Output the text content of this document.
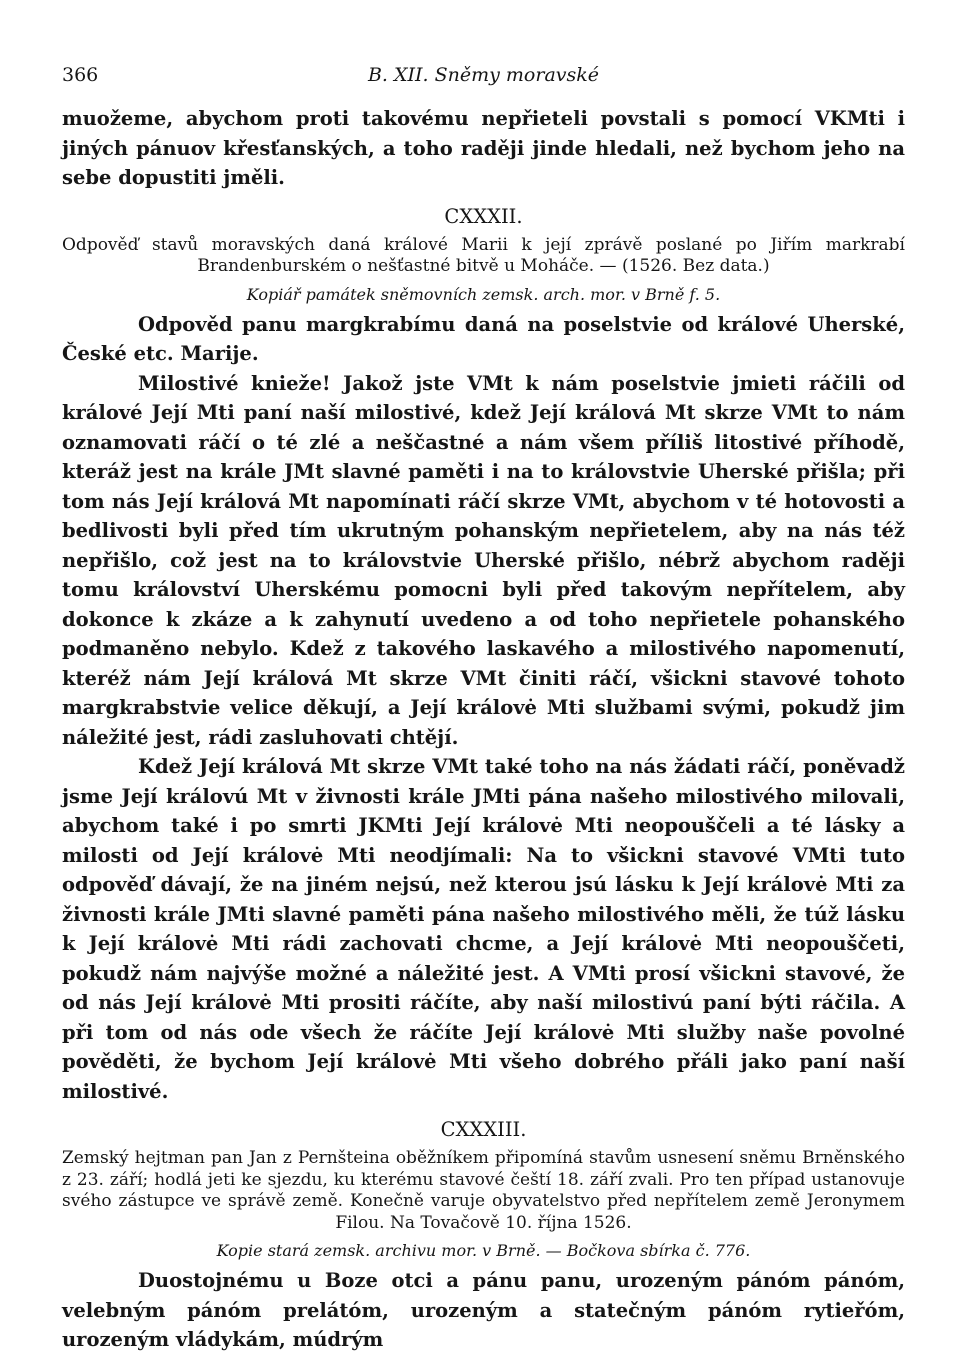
366	B. XII. Sněmy moravské

muožeme, abychom proti takovému nepřieteli povstali s pomocí VKMti i jiných pánuov křesťanských, a toho raději jinde hledali, než bychom jeho na sebe dopustiti jměli.

CXXXII.

Odpověď stavů moravských daná králové Marii k její zprávě poslané po Jiřím markrabí Brandenburském o nešťastné bitvě u Moháče. — (1526. Bez data.)

Kopiář památek sněmovních zemsk. arch. mor. v Brně f. 5.

Odpověd panu margkrabímu daná na poselstvie od králové Uherské, České etc. Marije.

Milostivé knieže! Jakož jste VMt k nám poselstvie jmieti ráčili od králové Její Mti paní naší milostivé, kdež Její králová Mt skrze VMt to nám oznamovati ráčí o té zlé a neščastné a nám všem příliš litostivé příhodě, kteráž jest na krále JMt slavné paměti i na to královstvie Uherské přišla; při tom nás Její králová Mt napomínati ráčí skrze VMt, abychom v té hotovosti a bedlivosti byli před tím ukrutným pohanským nepřietelem, aby na nás též nepřišlo, což jest na to královstvie Uherské přišlo, nébrž abychom raději tomu království Uherskému pomocni byli před takovým nepřítelem, aby dokonce k zkáze a k zahynutí uvedeno a od toho nepřietele pohanského podmaněno nebylo. Kdež z takového laskavého a milostivého napomenutí, kteréž nám Její králová Mt skrze VMt činiti ráčí, všickni stavové tohoto margkrabstvie velice děkují, a Její královė Mti službami svými, pokudž jim náležité jest, rádi zasluhovati chtějí.

Kdež Její králová Mt skrze VMt také toho na nás žádati ráčí, poněvadž jsme Její královú Mt v živnosti krále JMti pána našeho milostivého milovali, abychom také i po smrti JKMti Její královė Mti neopouščeli a té lásky a milosti od Její královė Mti neodjímali: Na to všickni stavové VMti tuto odpověď dávají, že na jiném nejsú, než kterou jsú lásku k Její královė Mti za živnosti krále JMti slavné paměti pána našeho milostivého měli, že túž lásku k Její královė Mti rádi zachovati chcme, a Její královė Mti neopouščeti, pokudž nám najvýše možné a náležité jest. A VMti prosí všickni stavové, že od nás Její královė Mti prositi ráčíte, aby naší milostivú paní býti ráčila. A při tom od nás ode všech že ráčíte Její královė Mti služby naše povolné pověděti, že bychom Její královė Mti všeho dobrého přáli jako paní naší milostivé.

CXXXIII.

Zemský hejtman pan Jan z Pernšteina oběžníkem připomíná stavům usnesení sněmu Brněnského z 23. září; hodlá jeti ke sjezdu, ku kterému stavové čeští 18. září zvali. Pro ten případ ustanovuje svého zástupce ve správě země. Konečně varuje obyvatelstvo před nepřítelem země Jeronymem Filou. Na Tovačově 10. října 1526.

Kopie stará zemsk. archivu mor. v Brně. — Bočkova sbírka č. 776.

Duostojnému u Boze otci a pánu panu, urozeným pánóm pánóm, velebným pánóm prelátóm, urozeným a statečným pánóm rytieřóm, urozeným vládykám, múdrým
